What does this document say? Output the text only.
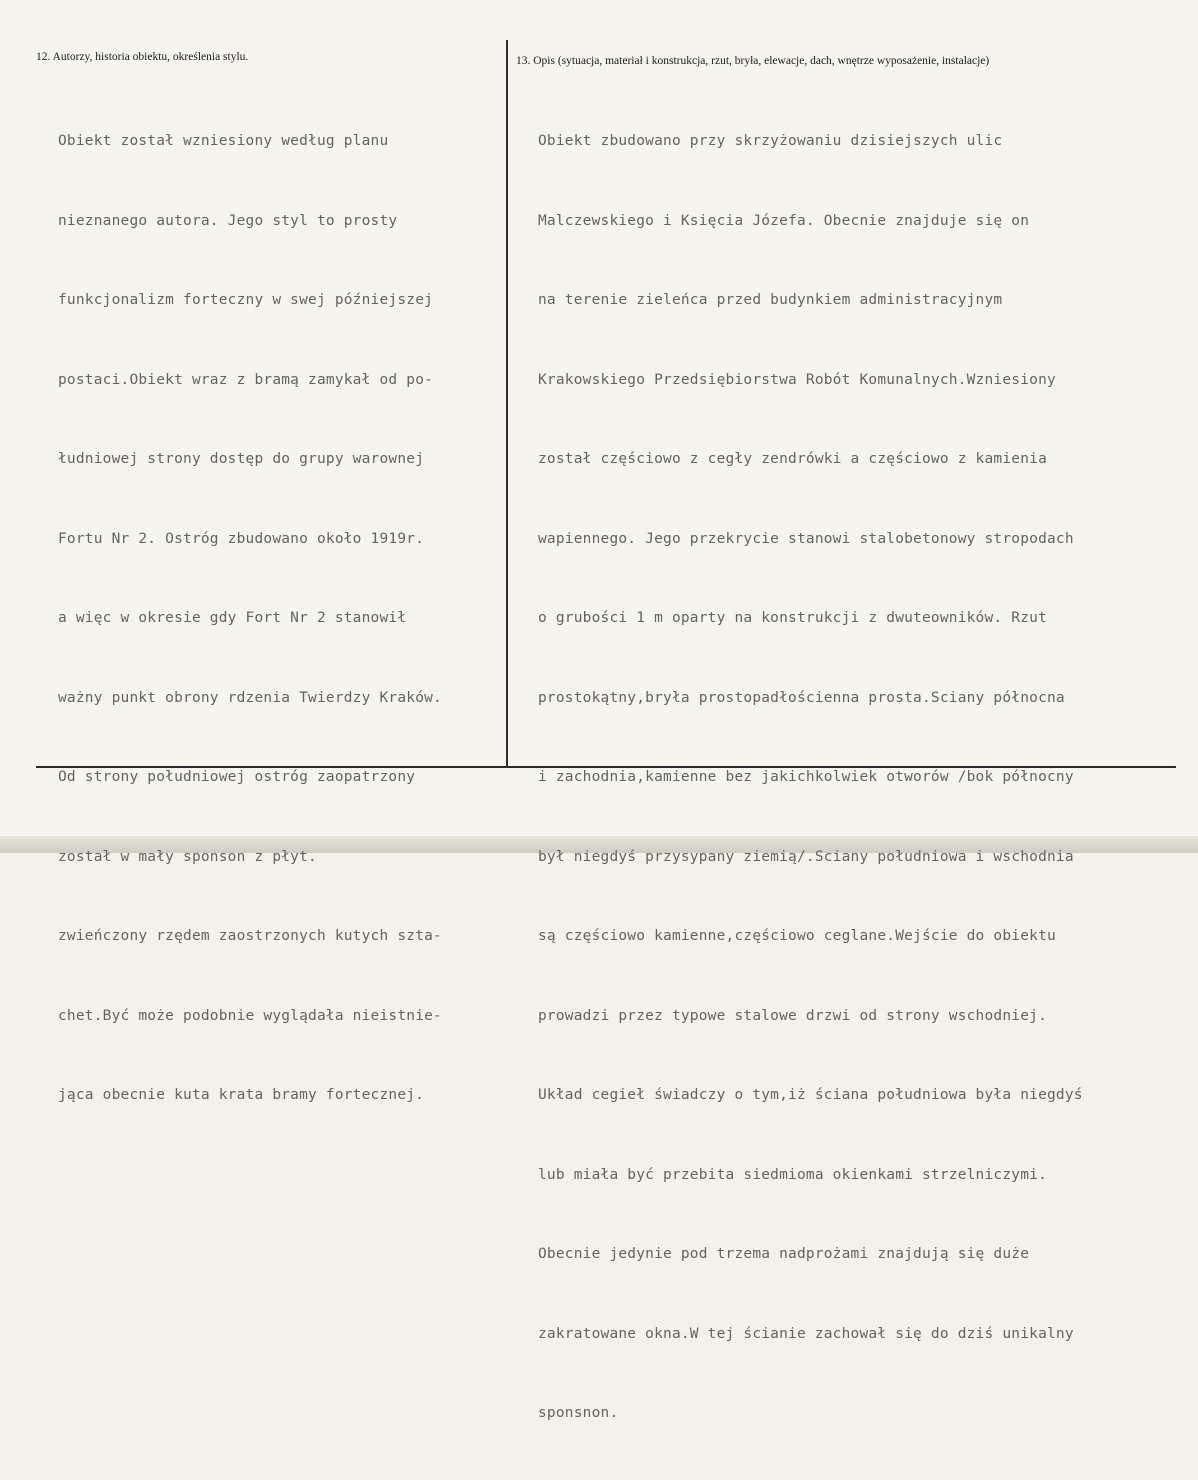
12. Autorzy, historia obiektu, określenia stylu.	13. Opis (sytuacja, materiał i konstrukcja, rzut, bryła, elewacje, dach, wnętrze wyposażenie, instalacje)

Obiekt został wzniesiony według planu

nieznanego autora. Jego styl to prosty

funkcjonalizm forteczny w swej późniejszej

postaci.Obiekt wraz z bramą zamykał od po-

łudniowej strony dostęp do grupy warownej

Fortu Nr 2. Ostróg zbudowano około 1919r.

a więc w okresie gdy Fort Nr 2 stanowił

ważny punkt obrony rdzenia Twierdzy Kraków.

Od strony południowej ostróg zaopatrzony

został w mały sponson z płyt.

zwieńczony rzędem zaostrzonych kutych szta-

chet.Być może podobnie wyglądała nieistnie-

jąca obecnie kuta krata bramy fortecznej.

Obiekt zbudowano przy skrzyżowaniu dzisiejszych ulic

Malczewskiego i Księcia Józefa. Obecnie znajduje się on

na terenie zieleńca przed budynkiem administracyjnym

Krakowskiego Przedsiębiorstwa Robót Komunalnych.Wzniesiony

został częściowo z cegły zendrówki a częściowo z kamienia

wapiennego. Jego przekrycie stanowi stalobetonowy stropodach

o grubości 1 m oparty na konstrukcji z dwuteowników. Rzut

prostokątny,bryła prostopadłościenna prosta.Sciany północna

i zachodnia,kamienne bez jakichkolwiek otworów /bok północny

był niegdyś przysypany ziemią/.Sciany południowa i wschodnia

są częściowo kamienne,częściowo ceglane.Wejście do obiektu

prowadzi przez typowe stalowe drzwi od strony wschodniej.

Układ cegieł świadczy o tym,iż ściana południowa była niegdyś

lub miała być przebita siedmioma okienkami strzelniczymi.

Obecnie jedynie pod trzema nadprożami znajdują się duże

zakratowane okna.W tej ścianie zachował się do dziś unikalny

sponsnon.
